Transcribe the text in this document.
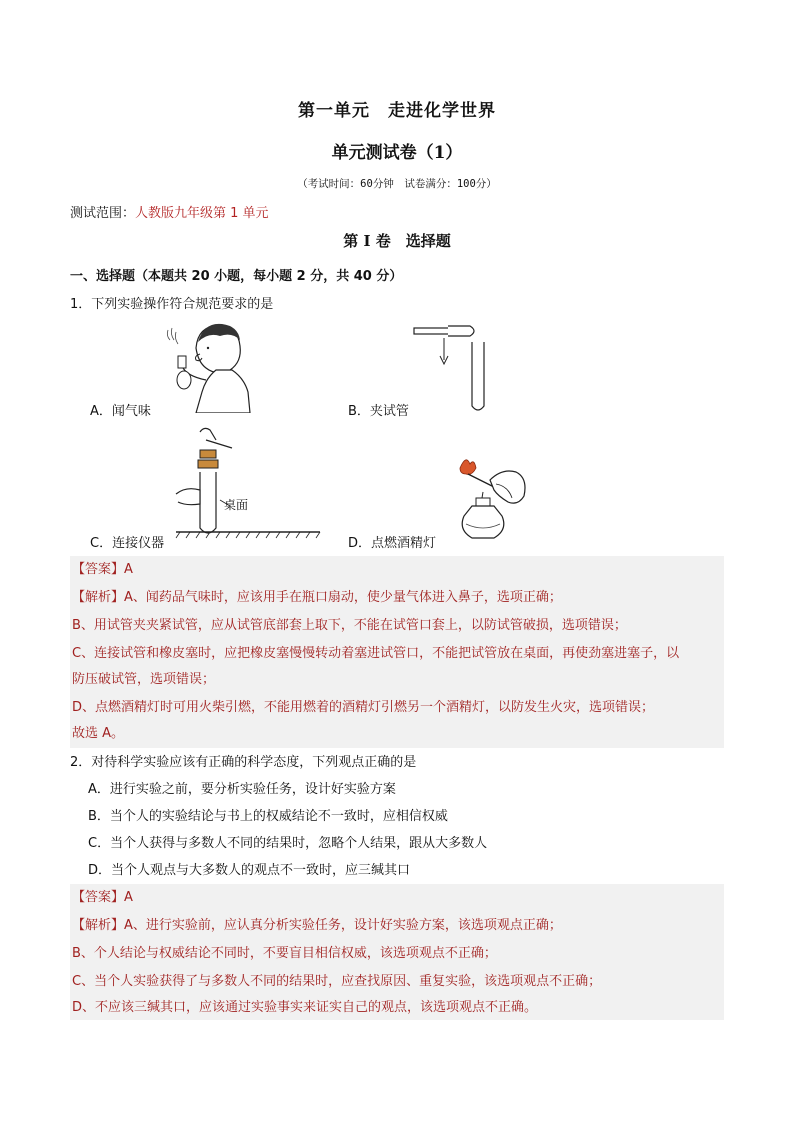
第一单元　走进化学世界
单元测试卷（1）
（考试时间：60分钟　试卷满分：100分）
测试范围：人教版九年级第 1 单元
第 I 卷　选择题
一、选择题（本题共 20 小题，每小题 2 分，共 40 分）
1．下列实验操作符合规范要求的是
A．闻气味	B．夹试管
桌面
C．连接仪器	D．点燃酒精灯
【答案】A
【解析】A、闻药品气味时，应该用手在瓶口扇动，使少量气体进入鼻子，选项正确；
B、用试管夹夹紧试管，应从试管底部套上取下，不能在试管口套上，以防试管破损，选项错误；
C、连接试管和橡皮塞时，应把橡皮塞慢慢转动着塞进试管口，不能把试管放在桌面，再使劲塞进塞子，以
防压破试管，选项错误；
D、点燃酒精灯时可用火柴引燃，不能用燃着的酒精灯引燃另一个酒精灯，以防发生火灾，选项错误；
故选 A。
2．对待科学实验应该有正确的科学态度，下列观点正确的是
A．进行实验之前，要分析实验任务，设计好实验方案
B．当个人的实验结论与书上的权威结论不一致时，应相信权威
C．当个人获得与多数人不同的结果时，忽略个人结果，跟从大多数人
D．当个人观点与大多数人的观点不一致时，应三缄其口
【答案】A
【解析】A、进行实验前，应认真分析实验任务，设计好实验方案，该选项观点正确；
B、个人结论与权威结论不同时，不要盲目相信权威，该选项观点不正确；
C、当个人实验获得了与多数人不同的结果时，应查找原因、重复实验，该选项观点不正确；
D、不应该三缄其口，应该通过实验事实来证实自己的观点，该选项观点不正确。
